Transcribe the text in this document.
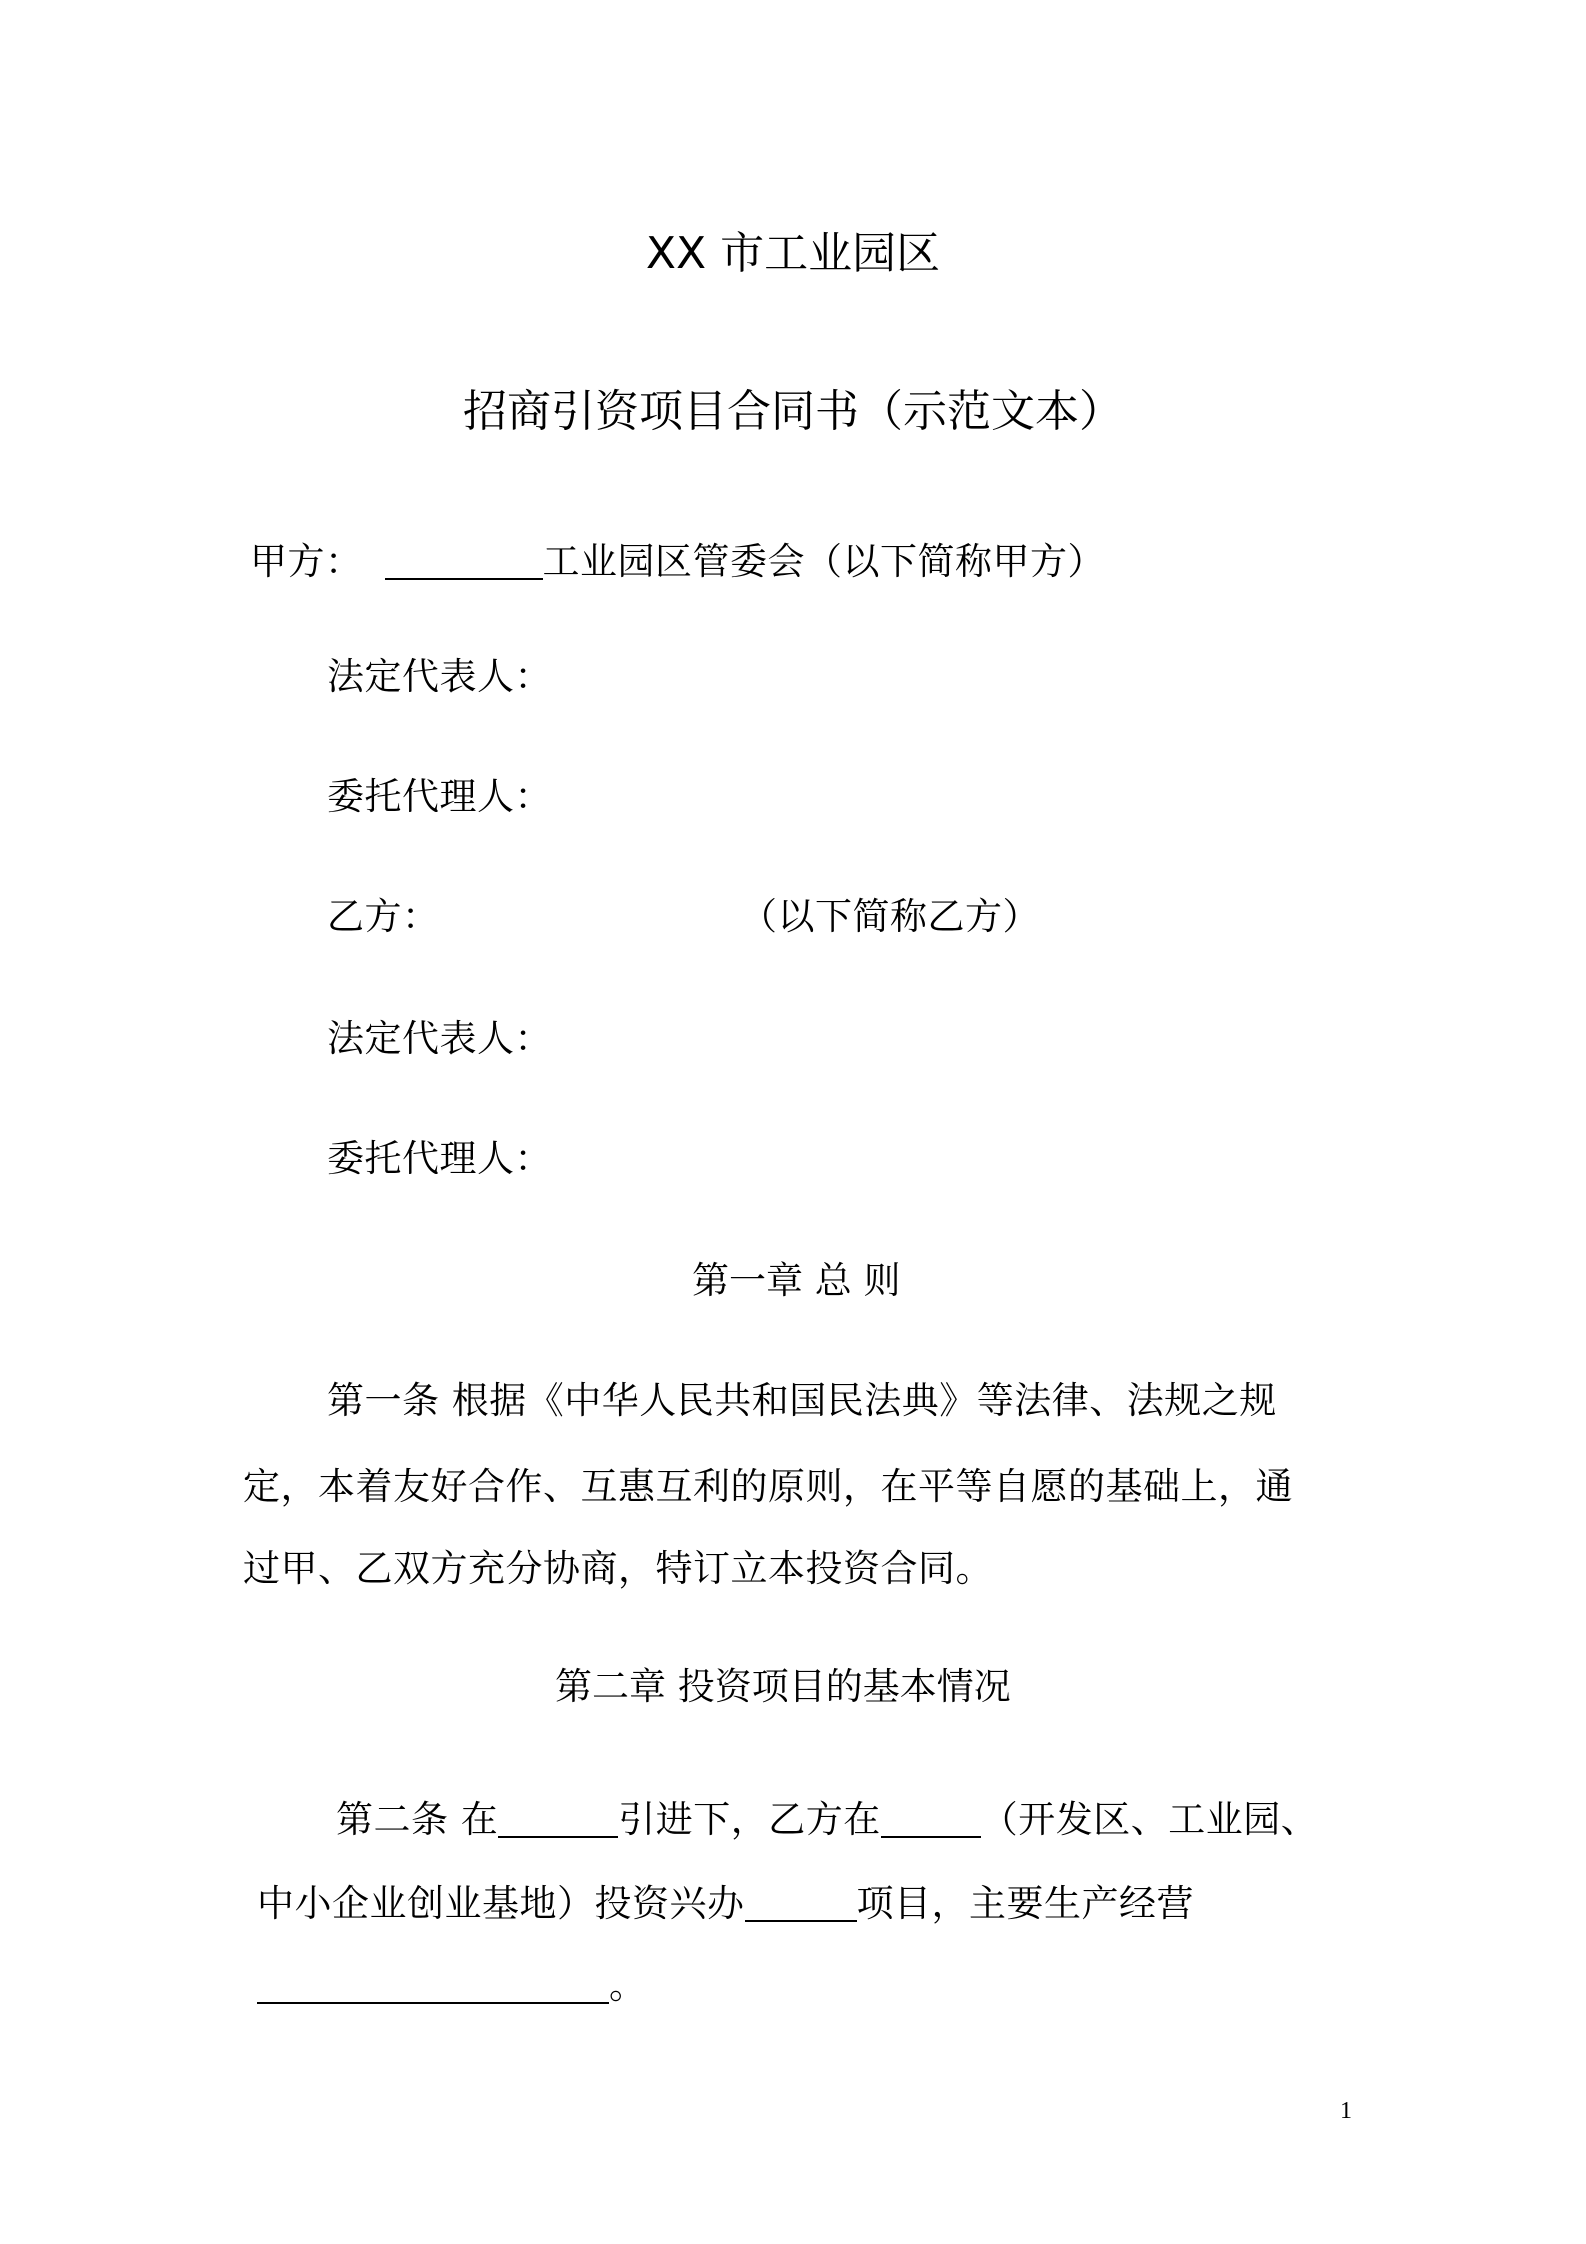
XX 市工业园区
招商引资项目合同书（示范文本）
甲方：	工业园区管委会（以下简称甲方）
法定代表人：
委托代理人：
乙方：	（以下简称乙方）
法定代表人：
委托代理人：
第一章 总 则
第一条 根据《中华人民共和国民法典》等法律、法规之规
定，本着友好合作、互惠互利的原则，在平等自愿的基础上，通
过甲、乙双方充分协商，特订立本投资合同。
第二章 投资项目的基本情况
第二条 在	引进下，乙方在	（开发区、工业园、
中小企业创业基地）投资兴办	项目，主要生产经营
。
1
